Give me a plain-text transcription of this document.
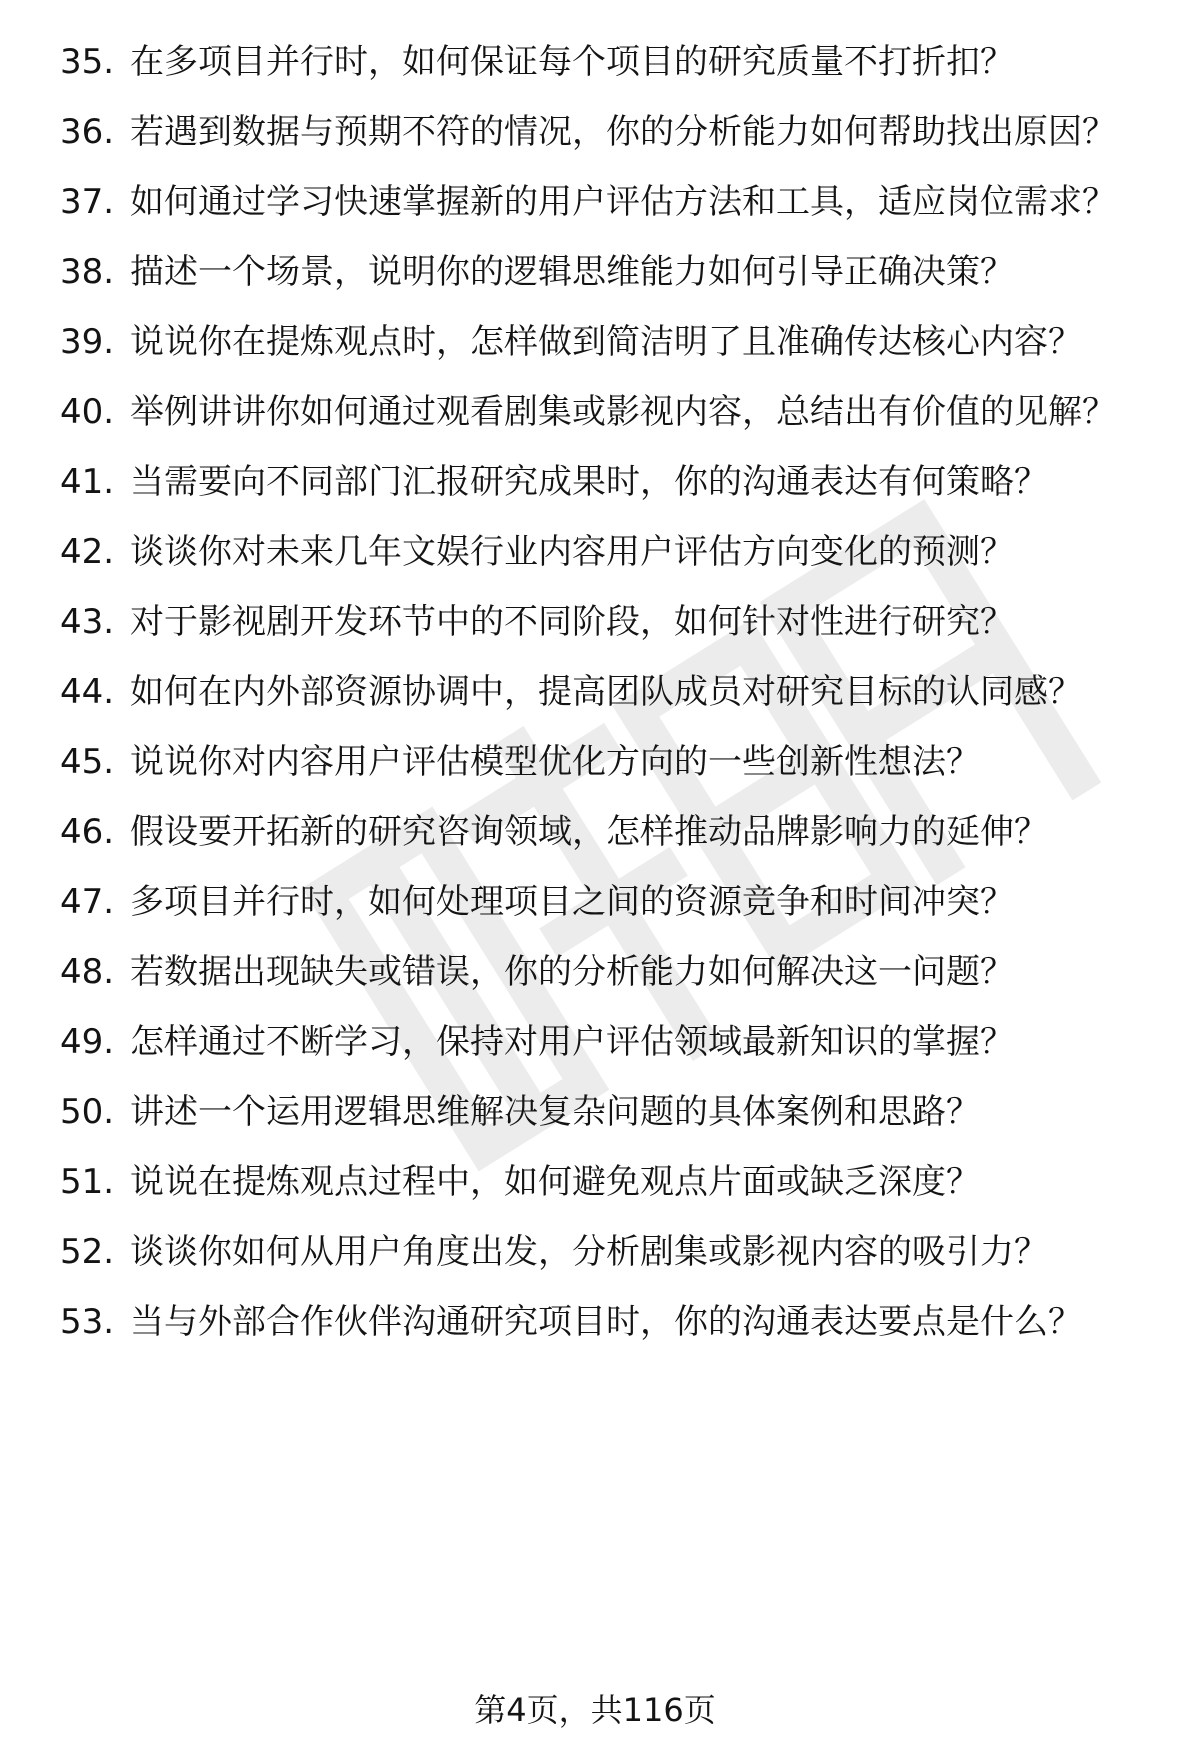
35. 在多项目并行时，如何保证每个项目的研究质量不打折扣？
36. 若遇到数据与预期不符的情况，你的分析能力如何帮助找出原因？
37. 如何通过学习快速掌握新的用户评估方法和工具，适应岗位需求？
38. 描述一个场景，说明你的逻辑思维能力如何引导正确决策？
39. 说说你在提炼观点时，怎样做到简洁明了且准确传达核心内容？
40. 举例讲讲你如何通过观看剧集或影视内容，总结出有价值的见解？
41. 当需要向不同部门汇报研究成果时，你的沟通表达有何策略？
42. 谈谈你对未来几年文娱行业内容用户评估方向变化的预测？
43. 对于影视剧开发环节中的不同阶段，如何针对性进行研究？
44. 如何在内外部资源协调中，提高团队成员对研究目标的认同感？
45. 说说你对内容用户评估模型优化方向的一些创新性想法？
46. 假设要开拓新的研究咨询领域，怎样推动品牌影响力的延伸？
47. 多项目并行时，如何处理项目之间的资源竞争和时间冲突？
48. 若数据出现缺失或错误，你的分析能力如何解决这一问题？
49. 怎样通过不断学习，保持对用户评估领域最新知识的掌握？
50. 讲述一个运用逻辑思维解决复杂问题的具体案例和思路？
51. 说说在提炼观点过程中，如何避免观点片面或缺乏深度？
52. 谈谈你如何从用户角度出发，分析剧集或影视内容的吸引力？
53. 当与外部合作伙伴沟通研究项目时，你的沟通表达要点是什么？
第4页，共116页
